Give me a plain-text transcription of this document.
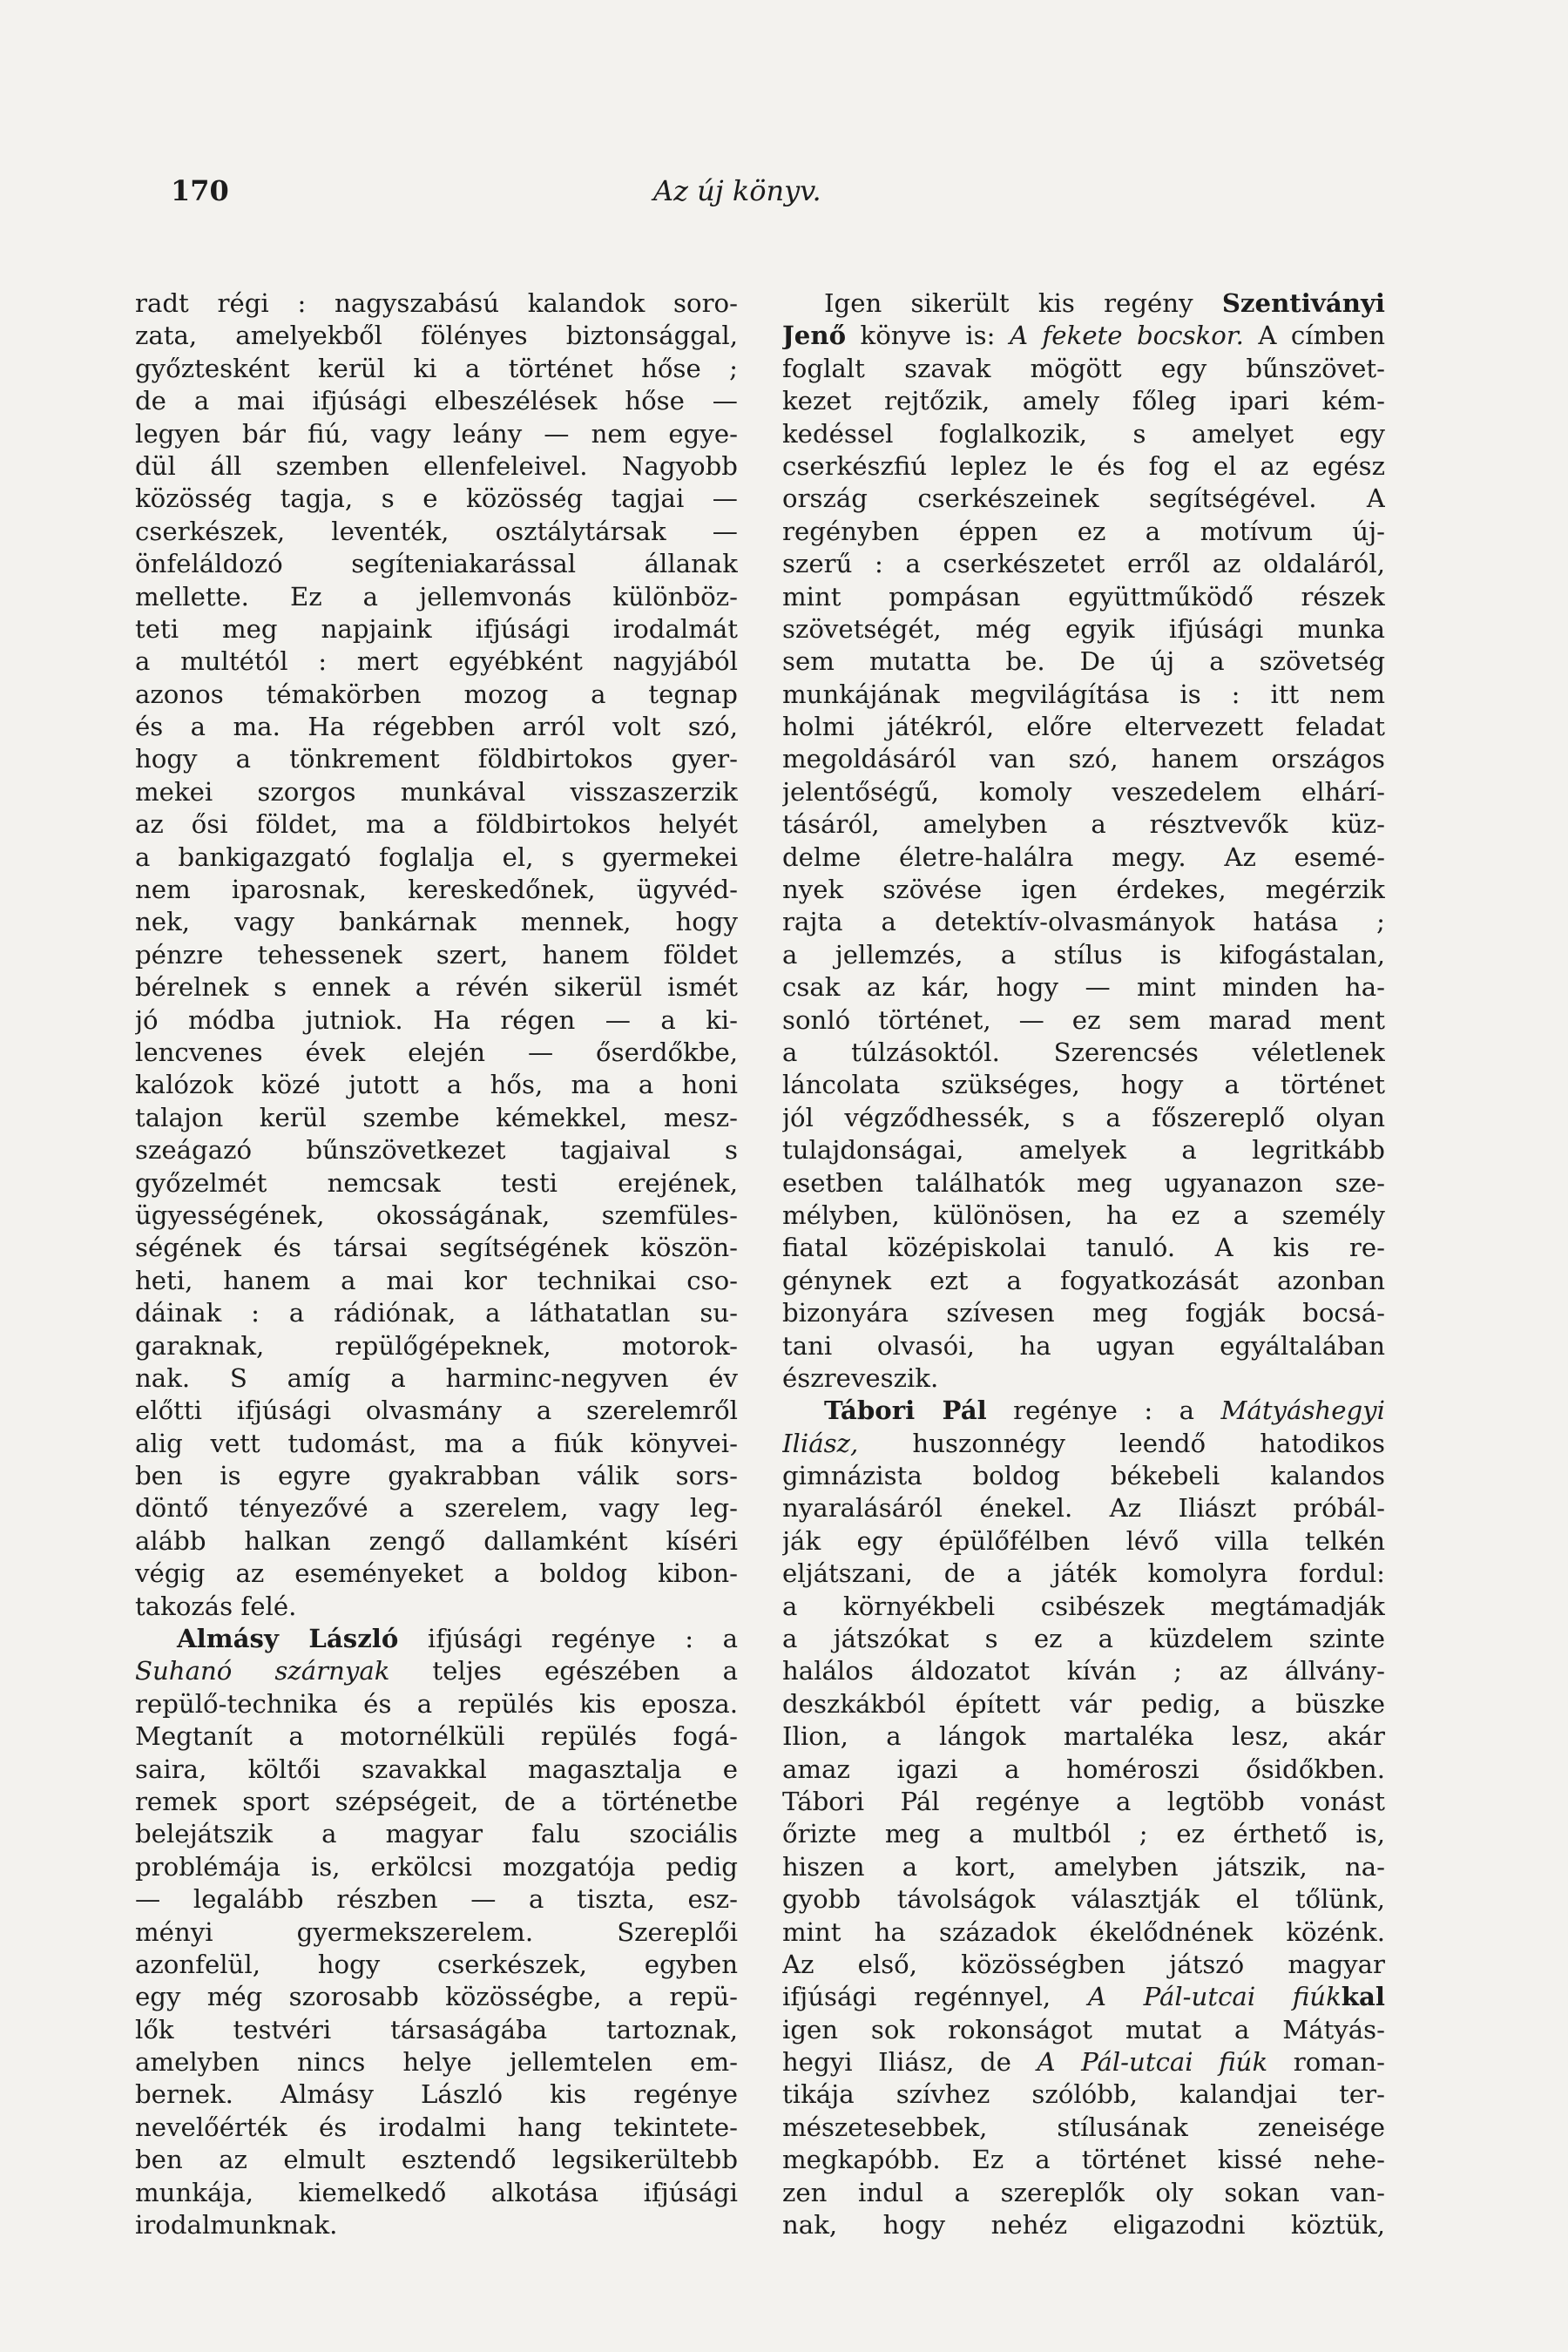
170	Az új könyv.
radt régi : nagyszabású kalandok soro-
zata, amelyekből fölényes biztonsággal,
győztesként kerül ki a történet hőse ;
de a mai ifjúsági elbeszélések hőse —
legyen bár fiú, vagy leány — nem egye-
dül áll szemben ellenfeleivel. Nagyobb
közösség tagja, s e közösség tagjai —
cserkészek, leventék, osztálytársak —
önfeláldozó segíteniakarással állanak
mellette. Ez a jellemvonás különböz-
teti meg napjaink ifjúsági irodalmát
a multétól : mert egyébként nagyjából
azonos témakörben mozog a tegnap
és a ma. Ha régebben arról volt szó,
hogy a tönkrement földbirtokos gyer-
mekei szorgos munkával visszaszerzik
az ősi földet, ma a földbirtokos helyét
a bankigazgató foglalja el, s gyermekei
nem iparosnak, kereskedőnek, ügyvéd-
nek, vagy bankárnak mennek, hogy
pénzre tehessenek szert, hanem földet
bérelnek s ennek a révén sikerül ismét
jó módba jutniok. Ha régen — a ki-
lencvenes évek elején — őserdőkbe,
kalózok közé jutott a hős, ma a honi
talajon kerül szembe kémekkel, mesz-
szeágazó bűnszövetkezet tagjaival s
győzelmét nemcsak testi erejének,
ügyességének, okosságának, szemfüles-
ségének és társai segítségének köszön-
heti, hanem a mai kor technikai cso-
dáinak : a rádiónak, a láthatatlan su-
garaknak, repülőgépeknek, motorok-
nak. S amíg a harminc-negyven év
előtti ifjúsági olvasmány a szerelemről
alig vett tudomást, ma a fiúk könyvei-
ben is egyre gyakrabban válik sors-
döntő tényezővé a szerelem, vagy leg-
alább halkan zengő dallamként kíséri
végig az eseményeket a boldog kibon-
takozás felé.
Almásy László ifjúsági regénye : a
Suhanó szárnyak teljes egészében a
repülő-technika és a repülés kis eposza.
Megtanít a motornélküli repülés fogá-
saira, költői szavakkal magasztalja e
remek sport szépségeit, de a történetbe
belejátszik a magyar falu szociális
problémája is, erkölcsi mozgatója pedig
— legalább részben — a tiszta, esz-
ményi gyermekszerelem. Szereplői
azonfelül, hogy cserkészek, egyben
egy még szorosabb közösségbe, a repü-
lők testvéri társaságába tartoznak,
amelyben nincs helye jellemtelen em-
bernek. Almásy László kis regénye
nevelőérték és irodalmi hang tekintete-
ben az elmult esztendő legsikerültebb
munkája, kiemelkedő alkotása ifjúsági
irodalmunknak.
Igen sikerült kis regény Szentiványi
Jenő könyve is: A fekete bocskor. A címben
foglalt szavak mögött egy bűnszövet-
kezet rejtőzik, amely főleg ipari kém-
kedéssel foglalkozik, s amelyet egy
cserkészfiú leplez le és fog el az egész
ország cserkészeinek segítségével. A
regényben éppen ez a motívum új-
szerű : a cserkészetet erről az oldaláról,
mint pompásan együttműködő részek
szövetségét, még egyik ifjúsági munka
sem mutatta be. De új a szövetség
munkájának megvilágítása is : itt nem
holmi játékról, előre eltervezett feladat
megoldásáról van szó, hanem országos
jelentőségű, komoly veszedelem elhárí-
tásáról, amelyben a résztvevők küz-
delme életre-halálra megy. Az esemé-
nyek szövése igen érdekes, megérzik
rajta a detektív-olvasmányok hatása ;
a jellemzés, a stílus is kifogástalan,
csak az kár, hogy — mint minden ha-
sonló történet, — ez sem marad ment
a túlzásoktól. Szerencsés véletlenek
láncolata szükséges, hogy a történet
jól végződhessék, s a főszereplő olyan
tulajdonságai, amelyek a legritkább
esetben találhatók meg ugyanazon sze-
mélyben, különösen, ha ez a személy
fiatal középiskolai tanuló. A kis re-
génynek ezt a fogyatkozását azonban
bizonyára szívesen meg fogják bocsá-
tani olvasói, ha ugyan egyáltalában
észreveszik.
Tábori Pál regénye : a Mátyáshegyi
Iliász, huszonnégy leendő hatodikos
gimnázista boldog békebeli kalandos
nyaralásáról énekel. Az Iliászt próbál-
ják egy épülőfélben lévő villa telkén
eljátszani, de a játék komolyra fordul:
a környékbeli csibészek megtámadják
a játszókat s ez a küzdelem szinte
halálos áldozatot kíván ; az állvány-
deszkákból épített vár pedig, a büszke
Ilion, a lángok martaléka lesz, akár
amaz igazi a homéroszi ősidőkben.
Tábori Pál regénye a legtöbb vonást
őrizte meg a multból ; ez érthető is,
hiszen a kort, amelyben játszik, na-
gyobb távolságok választják el tőlünk,
mint ha századok ékelődnének közénk.
Az első, közösségben játszó magyar
ifjúsági regénnyel, A Pál-utcai fiúkkal
igen sok rokonságot mutat a Mátyás-
hegyi Iliász, de A Pál-utcai fiúk roman-
tikája szívhez szólóbb, kalandjai ter-
mészetesebbek, stílusának zeneisége
megkapóbb. Ez a történet kissé nehe-
zen indul a szereplők oly sokan van-
nak, hogy nehéz eligazodni köztük,
